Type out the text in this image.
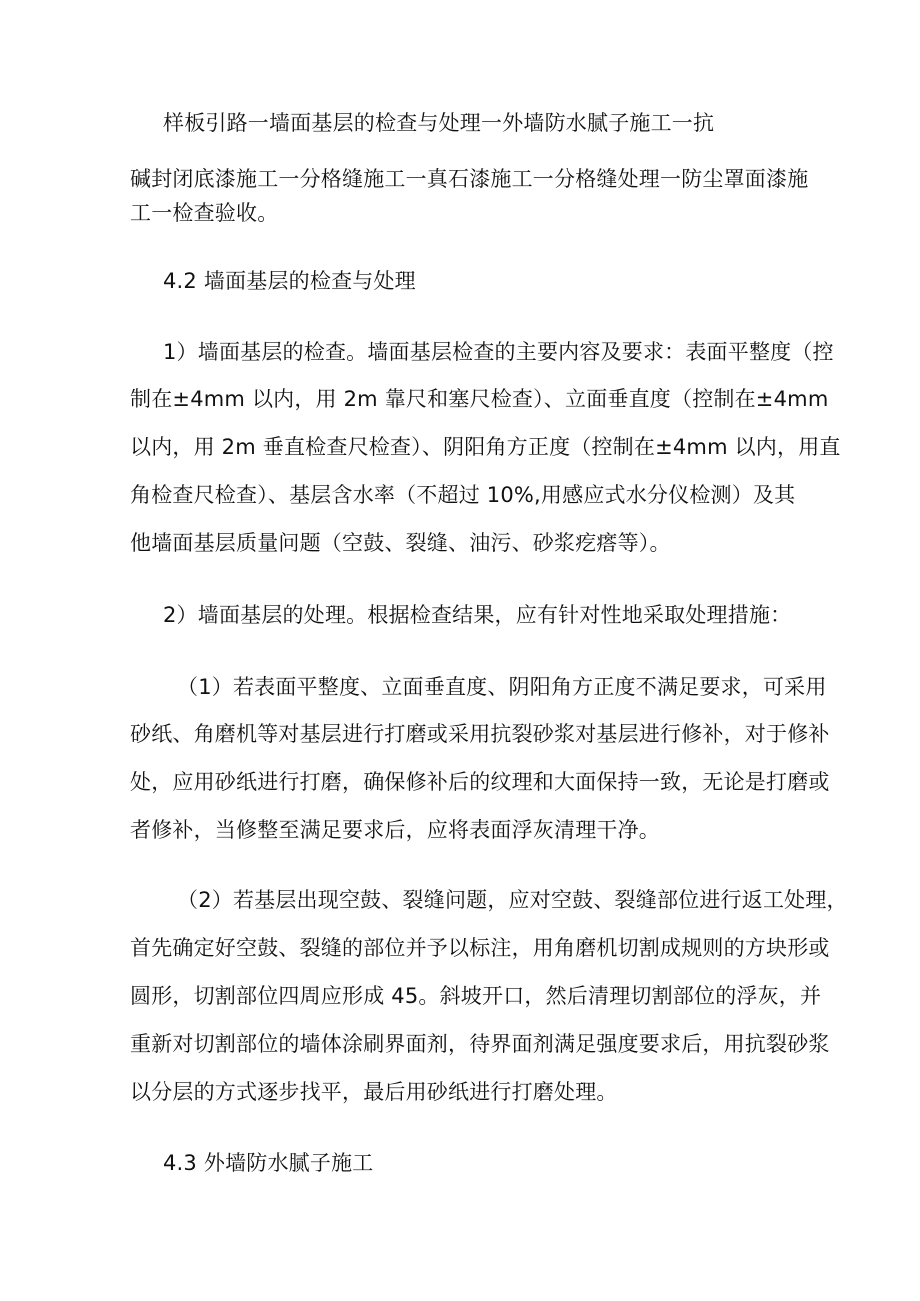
样板引路一墙面基层的检查与处理一外墙防水腻子施工一抗
碱封闭底漆施工一分格缝施工一真石漆施工一分格缝处理一防尘罩面漆施
工一检查验收。
4.2 墙面基层的检查与处理
1）墙面基层的检查。墙面基层检查的主要内容及要求：表面平整度（控
制在±4mm 以内，用 2m 靠尺和塞尺检查）、立面垂直度（控制在±4mm
以内，用 2m 垂直检查尺检查）、阴阳角方正度（控制在±4mm 以内，用直
角检查尺检查）、基层含水率（不超过 10%,用感应式水分仪检测）及其
他墙面基层质量问题（空鼓、裂缝、油污、砂浆疙瘩等）。
2）墙面基层的处理。根据检查结果，应有针对性地采取处理措施：
（1）若表面平整度、立面垂直度、阴阳角方正度不满足要求，可采用
砂纸、角磨机等对基层进行打磨或采用抗裂砂浆对基层进行修补，对于修补
处，应用砂纸进行打磨，确保修补后的纹理和大面保持一致，无论是打磨或
者修补，当修整至满足要求后，应将表面浮灰清理干净。
（2）若基层出现空鼓、裂缝问题，应对空鼓、裂缝部位进行返工处理，
首先确定好空鼓、裂缝的部位并予以标注，用角磨机切割成规则的方块形或
圆形，切割部位四周应形成 45。斜坡开口，然后清理切割部位的浮灰，并
重新对切割部位的墙体涂刷界面剂，待界面剂满足强度要求后，用抗裂砂浆
以分层的方式逐步找平，最后用砂纸进行打磨处理。
4.3 外墙防水腻子施工
